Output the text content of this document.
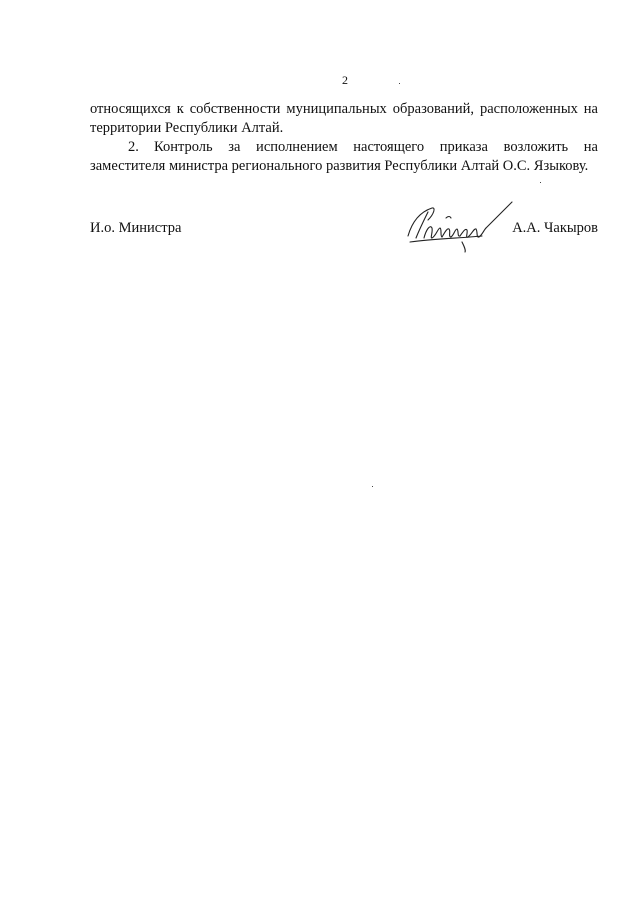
2

относящихся к собственности муниципальных образований, расположенных на
территории Республики Алтай.

2. Контроль за исполнением настоящего приказа возложить на
заместителя министра регионального развития Республики Алтай О.С. Языкову.

И.о. Министра	А.А. Чакыров
